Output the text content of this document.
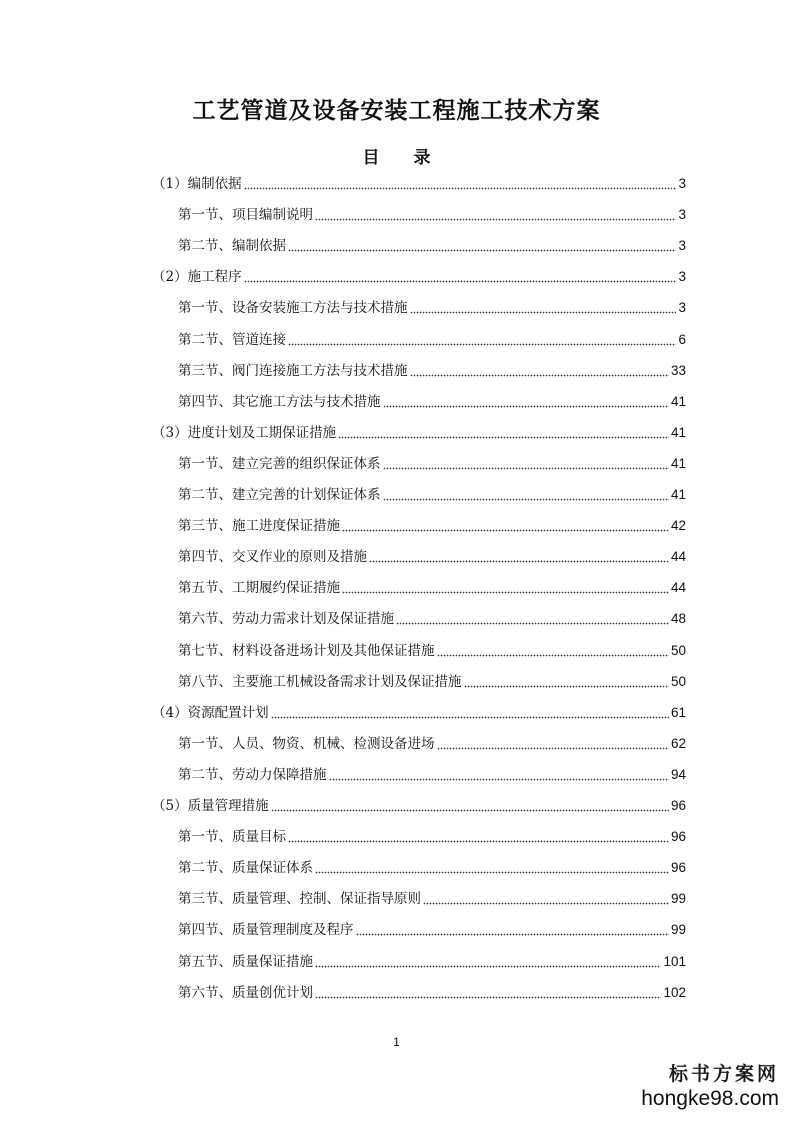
工艺管道及设备安装工程施工技术方案
目 录
（1）编制依据	3
第一节、项目编制说明	3
第二节、编制依据	3
（2）施工程序	3
第一节、设备安装施工方法与技术措施	3
第二节、管道连接	6
第三节、阀门连接施工方法与技术措施	33
第四节、其它施工方法与技术措施	41
（3）进度计划及工期保证措施	41
第一节、建立完善的组织保证体系	41
第二节、建立完善的计划保证体系	41
第三节、施工进度保证措施	42
第四节、交叉作业的原则及措施	44
第五节、工期履约保证措施	44
第六节、劳动力需求计划及保证措施	48
第七节、材料设备进场计划及其他保证措施	50
第八节、主要施工机械设备需求计划及保证措施	50
（4）资源配置计划	61
第一节、人员、物资、机械、检测设备进场	62
第二节、劳动力保障措施	94
（5）质量管理措施	96
第一节、质量目标	96
第二节、质量保证体系	96
第三节、质量管理、控制、保证指导原则	99
第四节、质量管理制度及程序	99
第五节、质量保证措施	101
第六节、质量创优计划	102
1
标书方案网
hongke98.com
